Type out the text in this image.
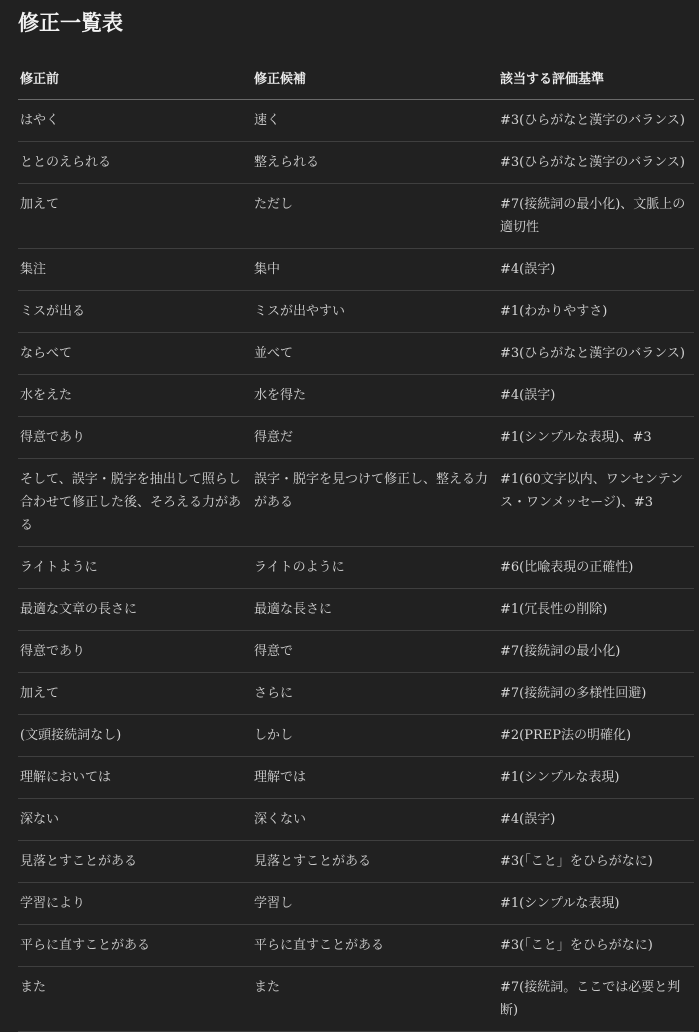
修正一覧表
修正前	修正候補	該当する評価基準
はやく	速く	#3(ひらがなと漢字のバランス)
ととのえられる	整えられる	#3(ひらがなと漢字のバランス)
加えて	ただし	#7(接続詞の最小化)、文脈上の適切性
集注	集中	#4(誤字)
ミスが出る	ミスが出やすい	#1(わかりやすさ)
ならべて	並べて	#3(ひらがなと漢字のバランス)
水をえた	水を得た	#4(誤字)
得意であり	得意だ	#1(シンプルな表現)、#3
そして、誤字・脱字を抽出して照らし合わせて修正した後、そろえる力がある	誤字・脱字を見つけて修正し、整える力がある	#1(60文字以内、ワンセンテンス・ワンメッセージ)、#3
ライトように	ライトのように	#6(比喩表現の正確性)
最適な文章の長さに	最適な長さに	#1(冗長性の削除)
得意であり	得意で	#7(接続詞の最小化)
加えて	さらに	#7(接続詞の多様性回避)
(文頭接続詞なし)	しかし	#2(PREP法の明確化)
理解においては	理解では	#1(シンプルな表現)
深ない	深くない	#4(誤字)
見落とすことがある	見落とすことがある	#3(「こと」をひらがなに)
学習により	学習し	#1(シンプルな表現)
平らに直すことがある	平らに直すことがある	#3(「こと」をひらがなに)
また	また	#7(接続詞。ここでは必要と判断)
